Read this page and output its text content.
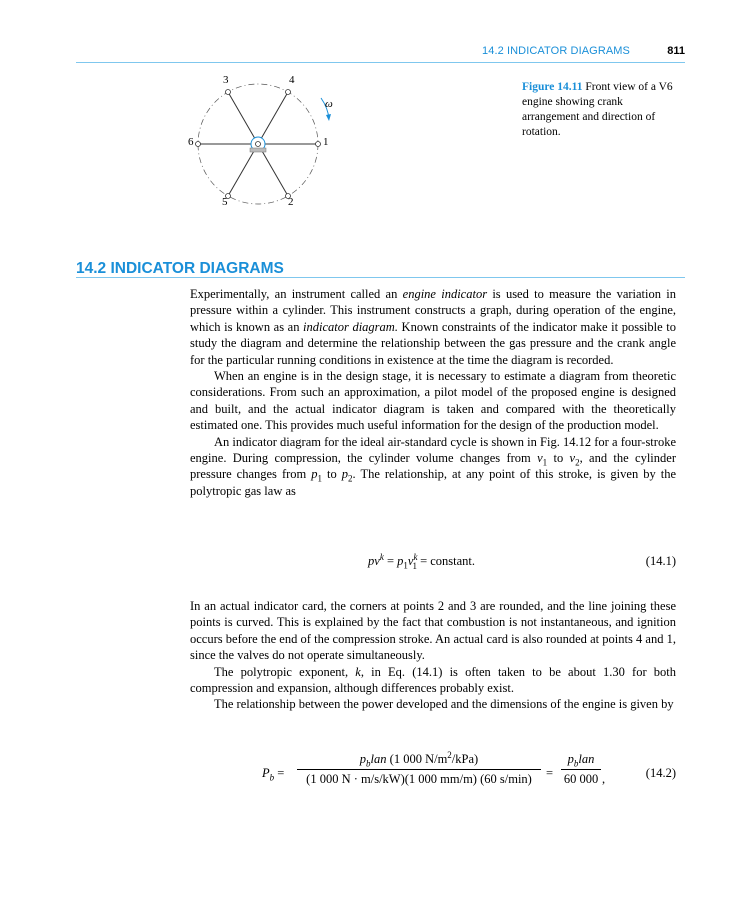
14.2 INDICATOR DIAGRAMS	811
3	4
ω
6	1
5	2
Figure 14.11 Front view of a V6 engine showing crank arrangement and direction of rotation.
14.2 INDICATOR DIAGRAMS

Experimentally, an instrument called an engine indicator is used to measure the variation in pressure within a cylinder. This instrument constructs a graph, during operation of the engine, which is known as an indicator diagram. Known constraints of the indicator make it possible to study the diagram and determine the relationship between the gas pressure and the crank angle for the particular running conditions in existence at the time the diagram is recorded.

When an engine is in the design stage, it is necessary to estimate a diagram from theoretic considerations. From such an approximation, a pilot model of the proposed engine is designed and built, and the actual indicator diagram is taken and compared with the theoretically estimated one. This provides much useful information for the design of the production model.

An indicator diagram for the ideal air-standard cycle is shown in Fig. 14.12 for a four-stroke engine. During compression, the cylinder volume changes from $v_1$ to $v_2$, and the cylinder pressure changes from $p_1$ to $p_2$. The relationship, at any point of this stroke, is given by the polytropic gas law as

$pv^k = p_1v^k_1$ = constant.	(14.1)

In an actual indicator card, the corners at points 2 and 3 are rounded, and the line joining these points is curved. This is explained by the fact that combustion is not instantaneous, and ignition occurs before the end of the compression stroke. An actual card is also rounded at points 4 and 1, since the valves do not operate simultaneously.

The polytropic exponent, k, in Eq. (14.1) is often taken to be about 1.30 for both compression and expansion, although differences probably exist.

The relationship between the power developed and the dimensions of the engine is given by

$P_b$ =
$p_blan$ (1 000 $N/m^2/kPa$)
(1 000 N · m/s/kW)(1 000 mm/m) (60 s/min)	=
$p_blan$
60 000 ,	(14.2)
